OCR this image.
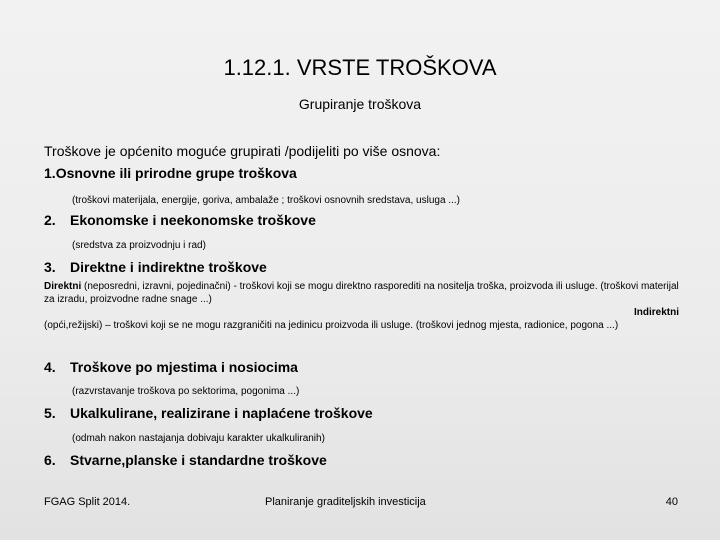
1.12.1. VRSTE TROŠKOVA
Grupiranje troškova
Troškove je općenito moguće grupirati /podijeliti po više osnova:
1.Osnovne ili prirodne grupe troškova
(troškovi materijala, energije, goriva, ambalaže ; troškovi osnovnih sredstava, usluga ...)
2. Ekonomske i neekonomske troškove
(sredstva za proizvodnju i rad)
3. Direktne i indirektne troškove
Direktni (neposredni, izravni, pojedinačni) - troškovi koji se mogu direktno rasporediti na nositelja troška, proizvoda ili usluge. (troškovi materijal za izradu, proizvodne radne snage ...)
Indirektni
(opći,režijski) – troškovi koji se ne mogu razgraničiti na jedinicu proizvoda ili usluge. (troškovi jednog mjesta, radionice, pogona ...)
4. Troškove po mjestima i nosiocima
(razvrstavanje troškova po sektorima, pogonima ...)
5. Ukalkulirane, realizirane i naplaćene troškove
(odmah nakon nastajanja dobivaju karakter ukalkuliranih)
6. Stvarne,planske i standardne troškove
FGAG Split 2014.	Planiranje graditeljskih investicija	40
